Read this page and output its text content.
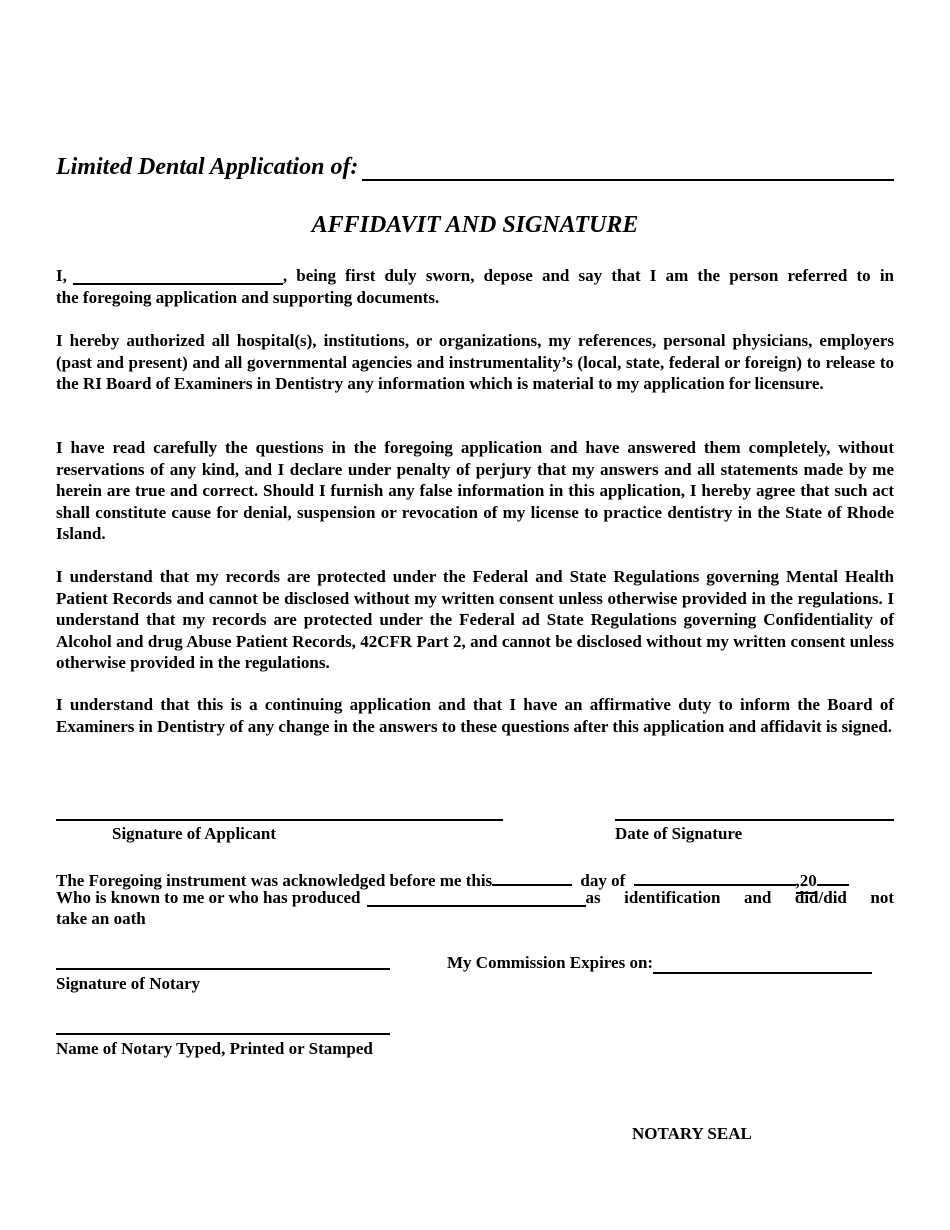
Limited Dental Application of:
AFFIDAVIT AND SIGNATURE
I,	, being first duly sworn, depose and say that I am the person referred to in
the foregoing application and supporting documents.

I hereby authorized all hospital(s), institutions, or organizations, my references, personal physicians, employers (past and present) and all governmental agencies and instrumentality’s (local, state, federal or foreign) to release to the RI Board of Examiners in Dentistry any information which is material to my application for licensure.

I have read carefully the questions in the foregoing application and have answered them completely, without reservations of any kind, and I declare under penalty of perjury that my answers and all statements made by me herein are true and correct. Should I furnish any false information in this application, I hereby agree that such act shall constitute cause for denial, suspension or revocation of my license to practice dentistry in the State of Rhode Island.

I understand that my records are protected under the Federal and State Regulations governing Mental Health Patient Records and cannot be disclosed without my written consent unless otherwise provided in the regulations. I understand that my records are protected under the Federal ad State Regulations governing Confidentiality of Alcohol and drug Abuse Patient Records, 42CFR Part 2, and cannot be disclosed without my written consent unless otherwise provided in the regulations.

I understand that this is a continuing application and that I have an affirmative duty to inform the Board of Examiners in Dentistry of any change in the answers to these questions after this application and affidavit is signed.

Signature of Applicant	Date of Signature
The Foregoing instrument was acknowledged before me this	day of	,20
Who is known to me or who has produced	as identification and did/did not
take an oath
Signature of Notary
My Commission Expires on:
Name of Notary Typed, Printed or Stamped
NOTARY SEAL
